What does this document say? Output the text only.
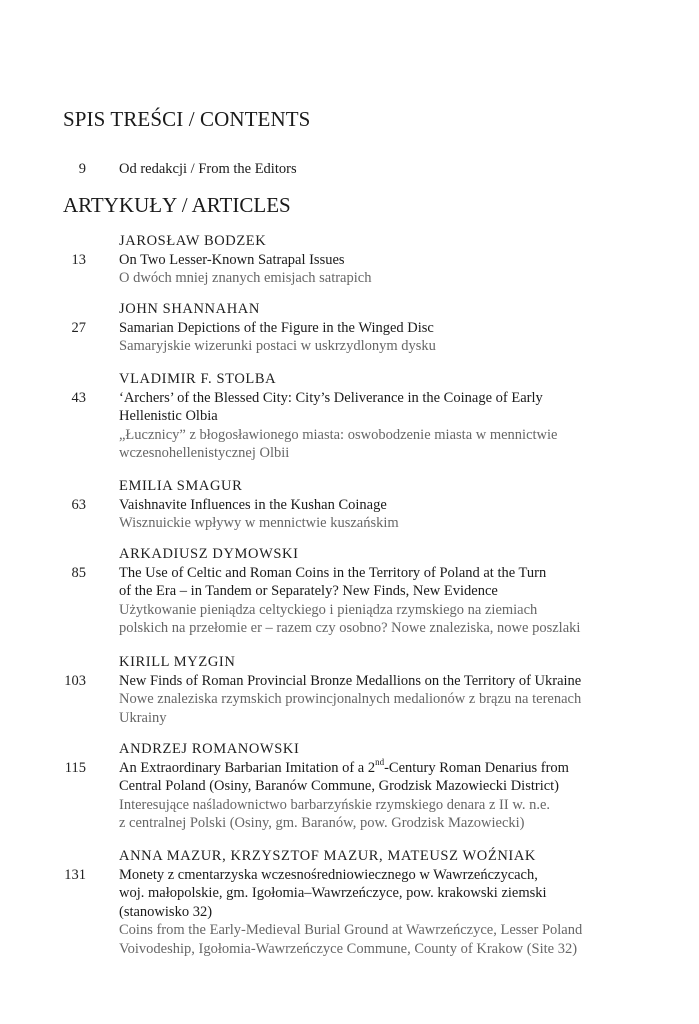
SPIS TREŚCI / CONTENTS
9 Od redakcji / From the Editors
ARTYKUŁY / ARTICLES
JAROSŁAW BODZEK
On Two Lesser-Known Satrapal Issues
O dwóch mniej znanych emisjach satrapich
13
JOHN SHANNAHAN
Samarian Depictions of the Figure in the Winged Disc
Samaryjskie wizerunki postaci w uskrzydlonym dysku
27
VLADIMIR F. STOLBA
‘Archers’ of the Blessed City: City’s Deliverance in the Coinage of Early
Hellenistic Olbia
„Łucznicy” z błogosławionego miasta: oswobodzenie miasta w mennictwie
wczesnohellenistycznej Olbii
43
EMILIA SMAGUR
Vaishnavite Influences in the Kushan Coinage
Wisznuickie wpływy w mennictwie kuszańskim
63
ARKADIUSZ DYMOWSKI
The Use of Celtic and Roman Coins in the Territory of Poland at the Turn
of the Era – in Tandem or Separately? New Finds, New Evidence
Użytkowanie pieniądza celtyckiego i pieniądza rzymskiego na ziemiach
polskich na przełomie er – razem czy osobno? Nowe znaleziska, nowe poszlaki
85
KIRILL MYZGIN
New Finds of Roman Provincial Bronze Medallions on the Territory of Ukraine
Nowe znaleziska rzymskich prowincjonalnych medalionów z brązu na terenach
Ukrainy
103
ANDRZEJ ROMANOWSKI
An Extraordinary Barbarian Imitation of a 2nd-Century Roman Denarius from
Central Poland (Osiny, Baranów Commune, Grodzisk Mazowiecki District)
Interesujące naśladownictwo barbarzyńskie rzymskiego denara z II w. n.e.
z centralnej Polski (Osiny, gm. Baranów, pow. Grodzisk Mazowiecki)
115
ANNA MAZUR, KRZYSZTOF MAZUR, MATEUSZ WOŹNIAK
Monety z cmentarzyska wczesnośredniowiecznego w Wawrzeńczycach,
woj. małopolskie, gm. Igołomia–Wawrzeńczyce, pow. krakowski ziemski
(stanowisko 32)
Coins from the Early-Medieval Burial Ground at Wawrzeńczyce, Lesser Poland
Voivodeship, Igołomia-Wawrzeńczyce Commune, County of Krakow (Site 32)
131
